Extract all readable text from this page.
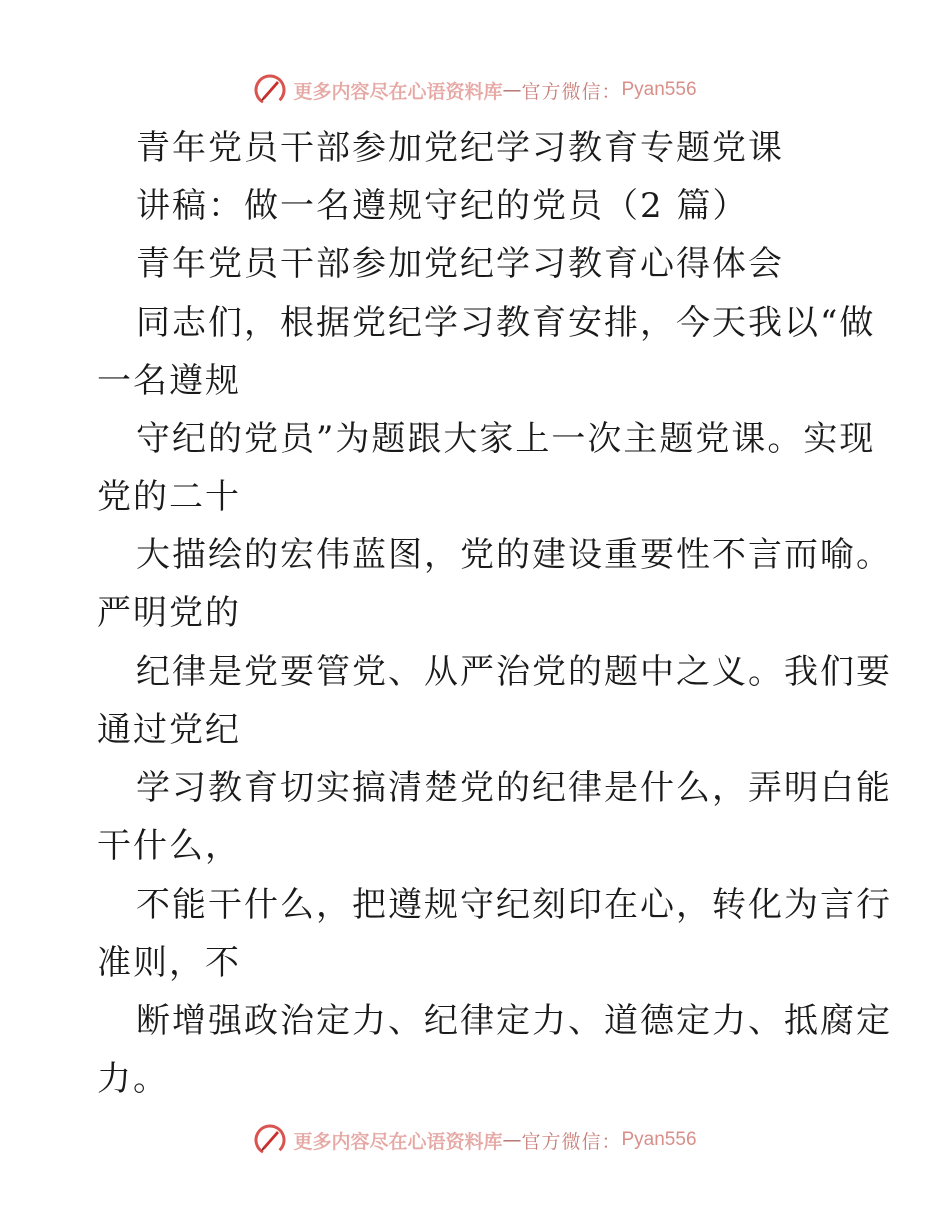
更多内容尽在心语资料库 — 官方微信： Pyan556
青年党员干部参加党纪学习教育专题党课
讲稿：做一名遵规守纪的党员（2 篇）
青年党员干部参加党纪学习教育心得体会
同志们，根据党纪学习教育安排，今天我以“做
一名遵规
守纪的党员”为题跟大家上一次主题党课。实现
党的二十
大描绘的宏伟蓝图，党的建设重要性不言而喻。
严明党的
纪律是党要管党、从严治党的题中之义。我们要
通过党纪
学习教育切实搞清楚党的纪律是什么，弄明白能
干什么，
不能干什么，把遵规守纪刻印在心，转化为言行
准则，不
断增强政治定力、纪律定力、道德定力、抵腐定
力。
更多内容尽在心语资料库 — 官方微信： Pyan556
